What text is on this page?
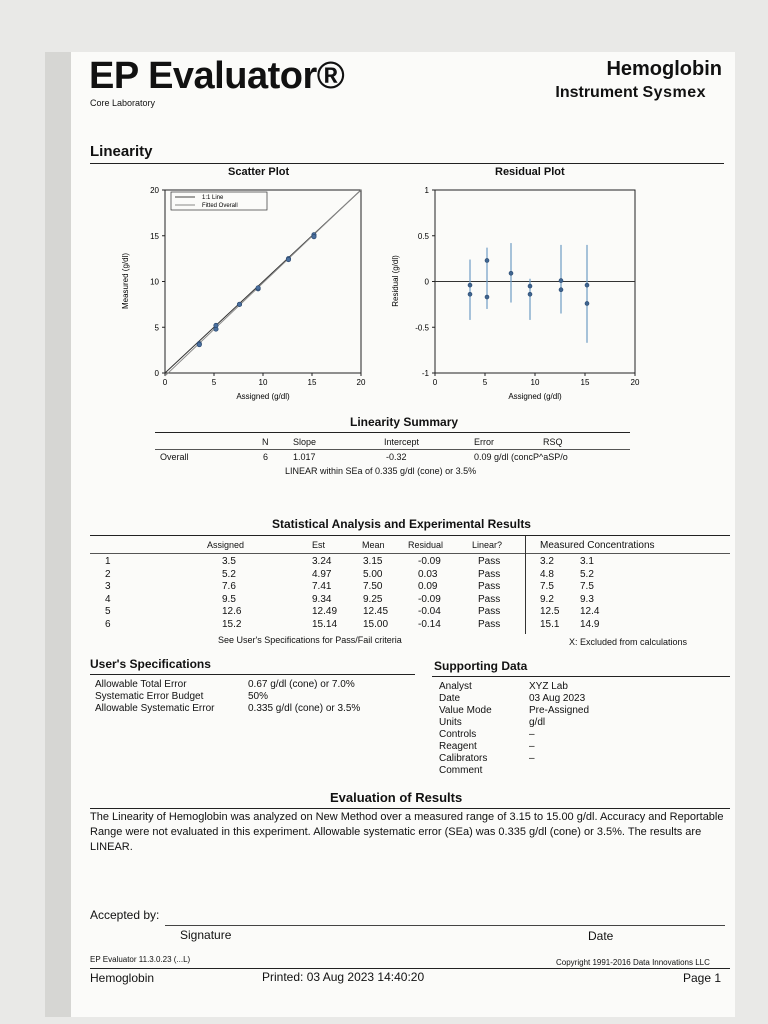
EP Evaluator®
Core Laboratory
Hemoglobin
Instrument Sysmex
Linearity
Scatter Plot	Residual Plot
1:1 Line
Fitted Overall
0	5	10	15	20
0
5
10
15
20
Assigned (g/dl)
Measured (g/dl)
0	5	10	15	20
-1
-0.5
0
0.5
1
Assigned (g/dl)
Residual (g/dl)
Linearity Summary
N	Slope	Intercept	Error	RSQ
Overall	6	1.017	-0.32	0.09 g/dl (concP^aSP/o
LINEAR within SEa of 0.335 g/dl (cone) or 3.5%
Statistical Analysis and Experimental Results
Assigned	Est	Mean	Residual	Linear?	Measured Concentrations
1	3.5	3.24	3.15	-0.09	Pass	3.2	3.1
2	5.2	4.97	5.00	0.03	Pass	4.8	5.2
3	7.6	7.41	7.50	0.09	Pass	7.5	7.5
4	9.5	9.34	9.25	-0.09	Pass	9.2	9.3
5	12.6	12.49	12.45	-0.04	Pass	12.5 12.4
6	15.2	15.14	15.00	-0.14	Pass	15.1 14.9
See User's Specifications for Pass/Fail criteria	X: Excluded from calculations
User's Specifications
Allowable Total Error	0.67 g/dl (cone) or 7.0%
Systematic Error Budget	50%
Allowable Systematic Error	0.335 g/dl (cone) or 3.5%
Supporting Data
Analyst	XYZ Lab
Date	03 Aug 2023
Value Mode	Pre-Assigned
Units	g/dl
Controls	–
Reagent	–
Calibrators	–
Comment
Evaluation of Results
The Linearity of Hemoglobin was analyzed on New Method over a measured range of 3.15 to 15.00 g/dl. Accuracy and Reportable Range were not evaluated in this experiment. Allowable systematic error (SEa) was 0.335 g/dl (cone) or 3.5%. The results are LINEAR.
Accepted by:
Signature	Date
EP Evaluator 11.3.0.23 (...L)	Copyright 1991-2016 Data Innovations LLC
Hemoglobin	Printed: 03 Aug 2023 14:40:20	Page 1
